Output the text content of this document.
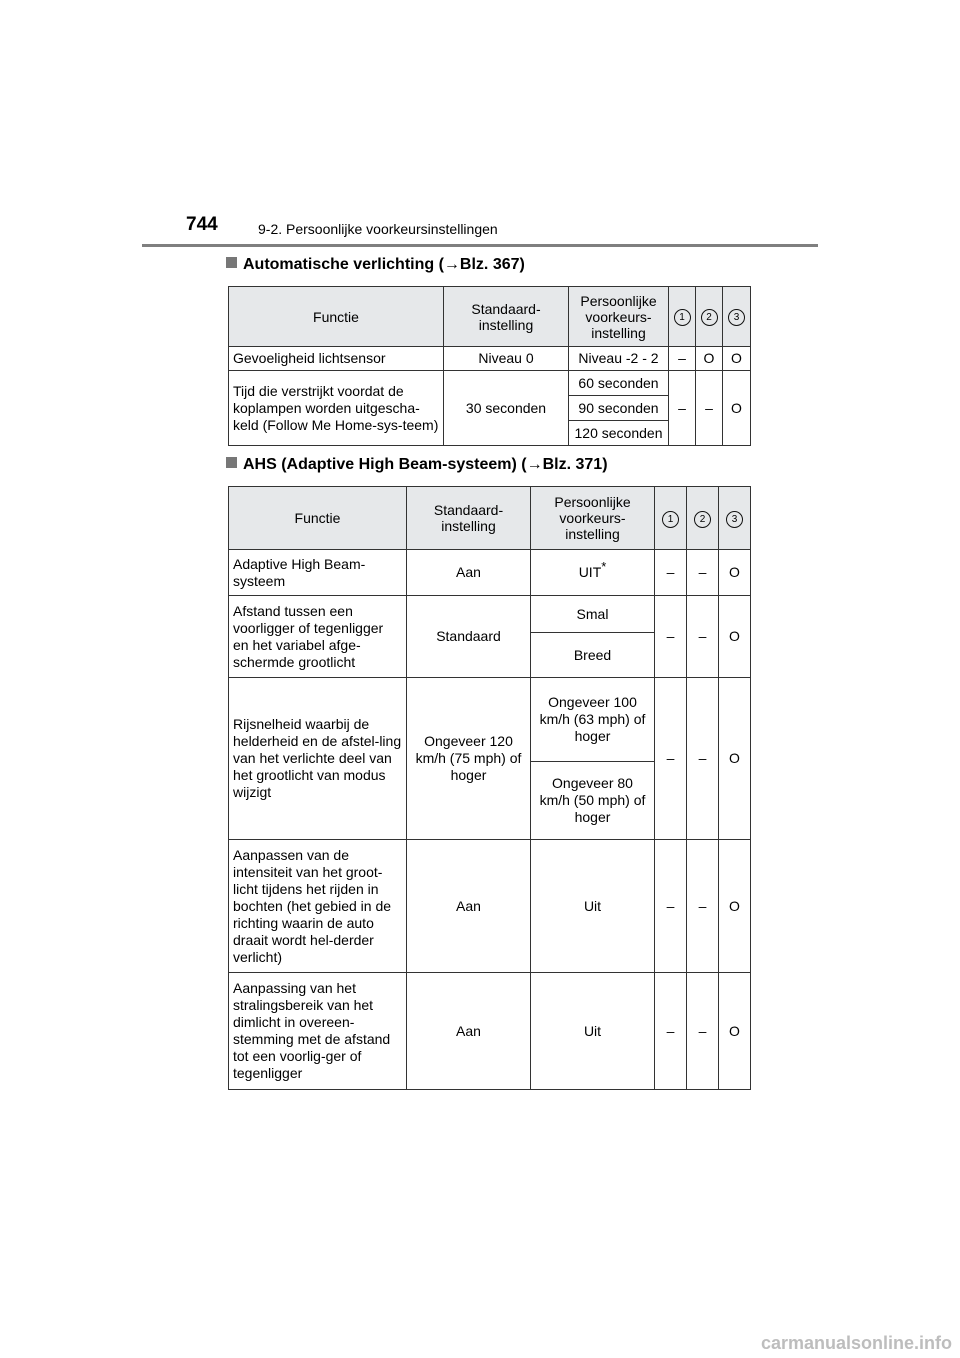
744	9-2. Persoonlijke voorkeursinstellingen
Automatische verlichting (→Blz. 367)
Functie	Standaard-instelling	Persoonlijke voorkeurs-instelling	1	2	3
Gevoeligheid lichtsensor	Niveau 0	Niveau -2 - 2	–	O	O
Tijd die verstrijkt voordat de koplampen worden uitgescha-keld (Follow Me Home-sys-teem)	30 seconden	60 seconden	–	–	O
		90 seconden			
		120 seconden			
AHS (Adaptive High Beam-systeem) (→Blz. 371)
Functie	Standaard-instelling	Persoonlijke voorkeurs-instelling	1	2	3
Adaptive High Beam-systeem	Aan	UIT*	–	–	O
Afstand tussen een voorligger of tegenligger en het variabel afge-schermde grootlicht	Standaard	Smal	–	–	O
		Breed			
Rijsnelheid waarbij de helderheid en de afstel-ling van het verlichte deel van het grootlicht van modus wijzigt	Ongeveer 120 km/h (75 mph) of hoger	Ongeveer 100 km/h (63 mph) of hoger	–	–	O
		Ongeveer 80 km/h (50 mph) of hoger			
Aanpassen van de intensiteit van het groot-licht tijdens het rijden in bochten (het gebied in de richting waarin de auto draait wordt hel-derder verlicht)	Aan	Uit	–	–	O
Aanpassing van het stralingsbereik van het dimlicht in overeen-stemming met de afstand tot een voorlig-ger of tegenligger	Aan	Uit	–	–	O
carmanualsonline.info
